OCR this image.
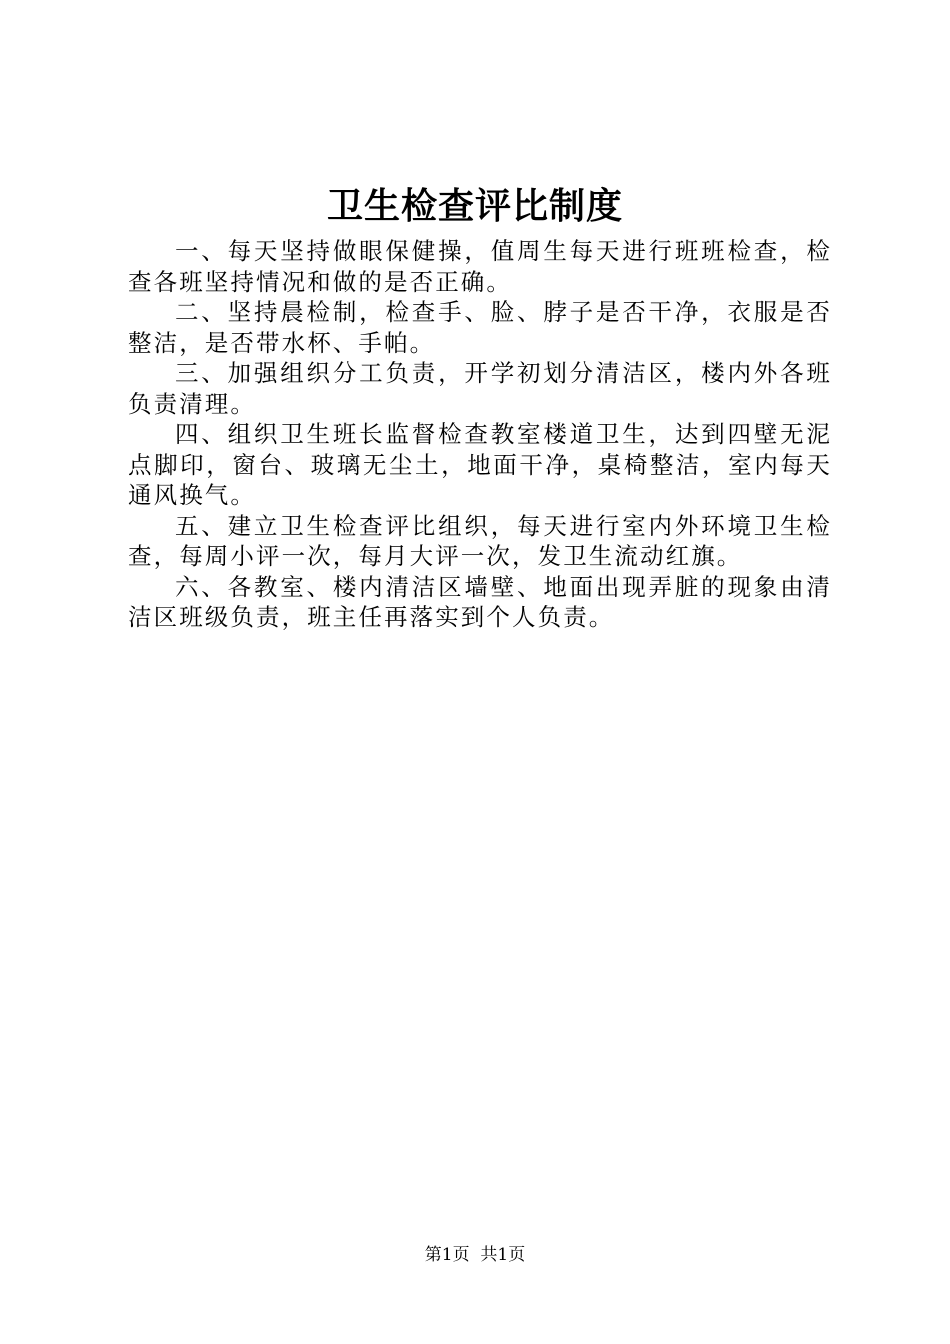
卫生检查评比制度

一、每天坚持做眼保健操，值周生每天进行班班检查，检查各班坚持情况和做的是否正确。

二、坚持晨检制，检查手、脸、脖子是否干净，衣服是否整洁，是否带水杯、手帕。

三、加强组织分工负责，开学初划分清洁区，楼内外各班负责清理。

四、组织卫生班长监督检查教室楼道卫生，达到四壁无泥点脚印，窗台、玻璃无尘土，地面干净，桌椅整洁，室内每天通风换气。

五、建立卫生检查评比组织，每天进行室内外环境卫生检查，每周小评一次，每月大评一次，发卫生流动红旗。

六、各教室、楼内清洁区墙壁、地面出现弄脏的现象由清洁区班级负责，班主任再落实到个人负责。

第1页  共1页
